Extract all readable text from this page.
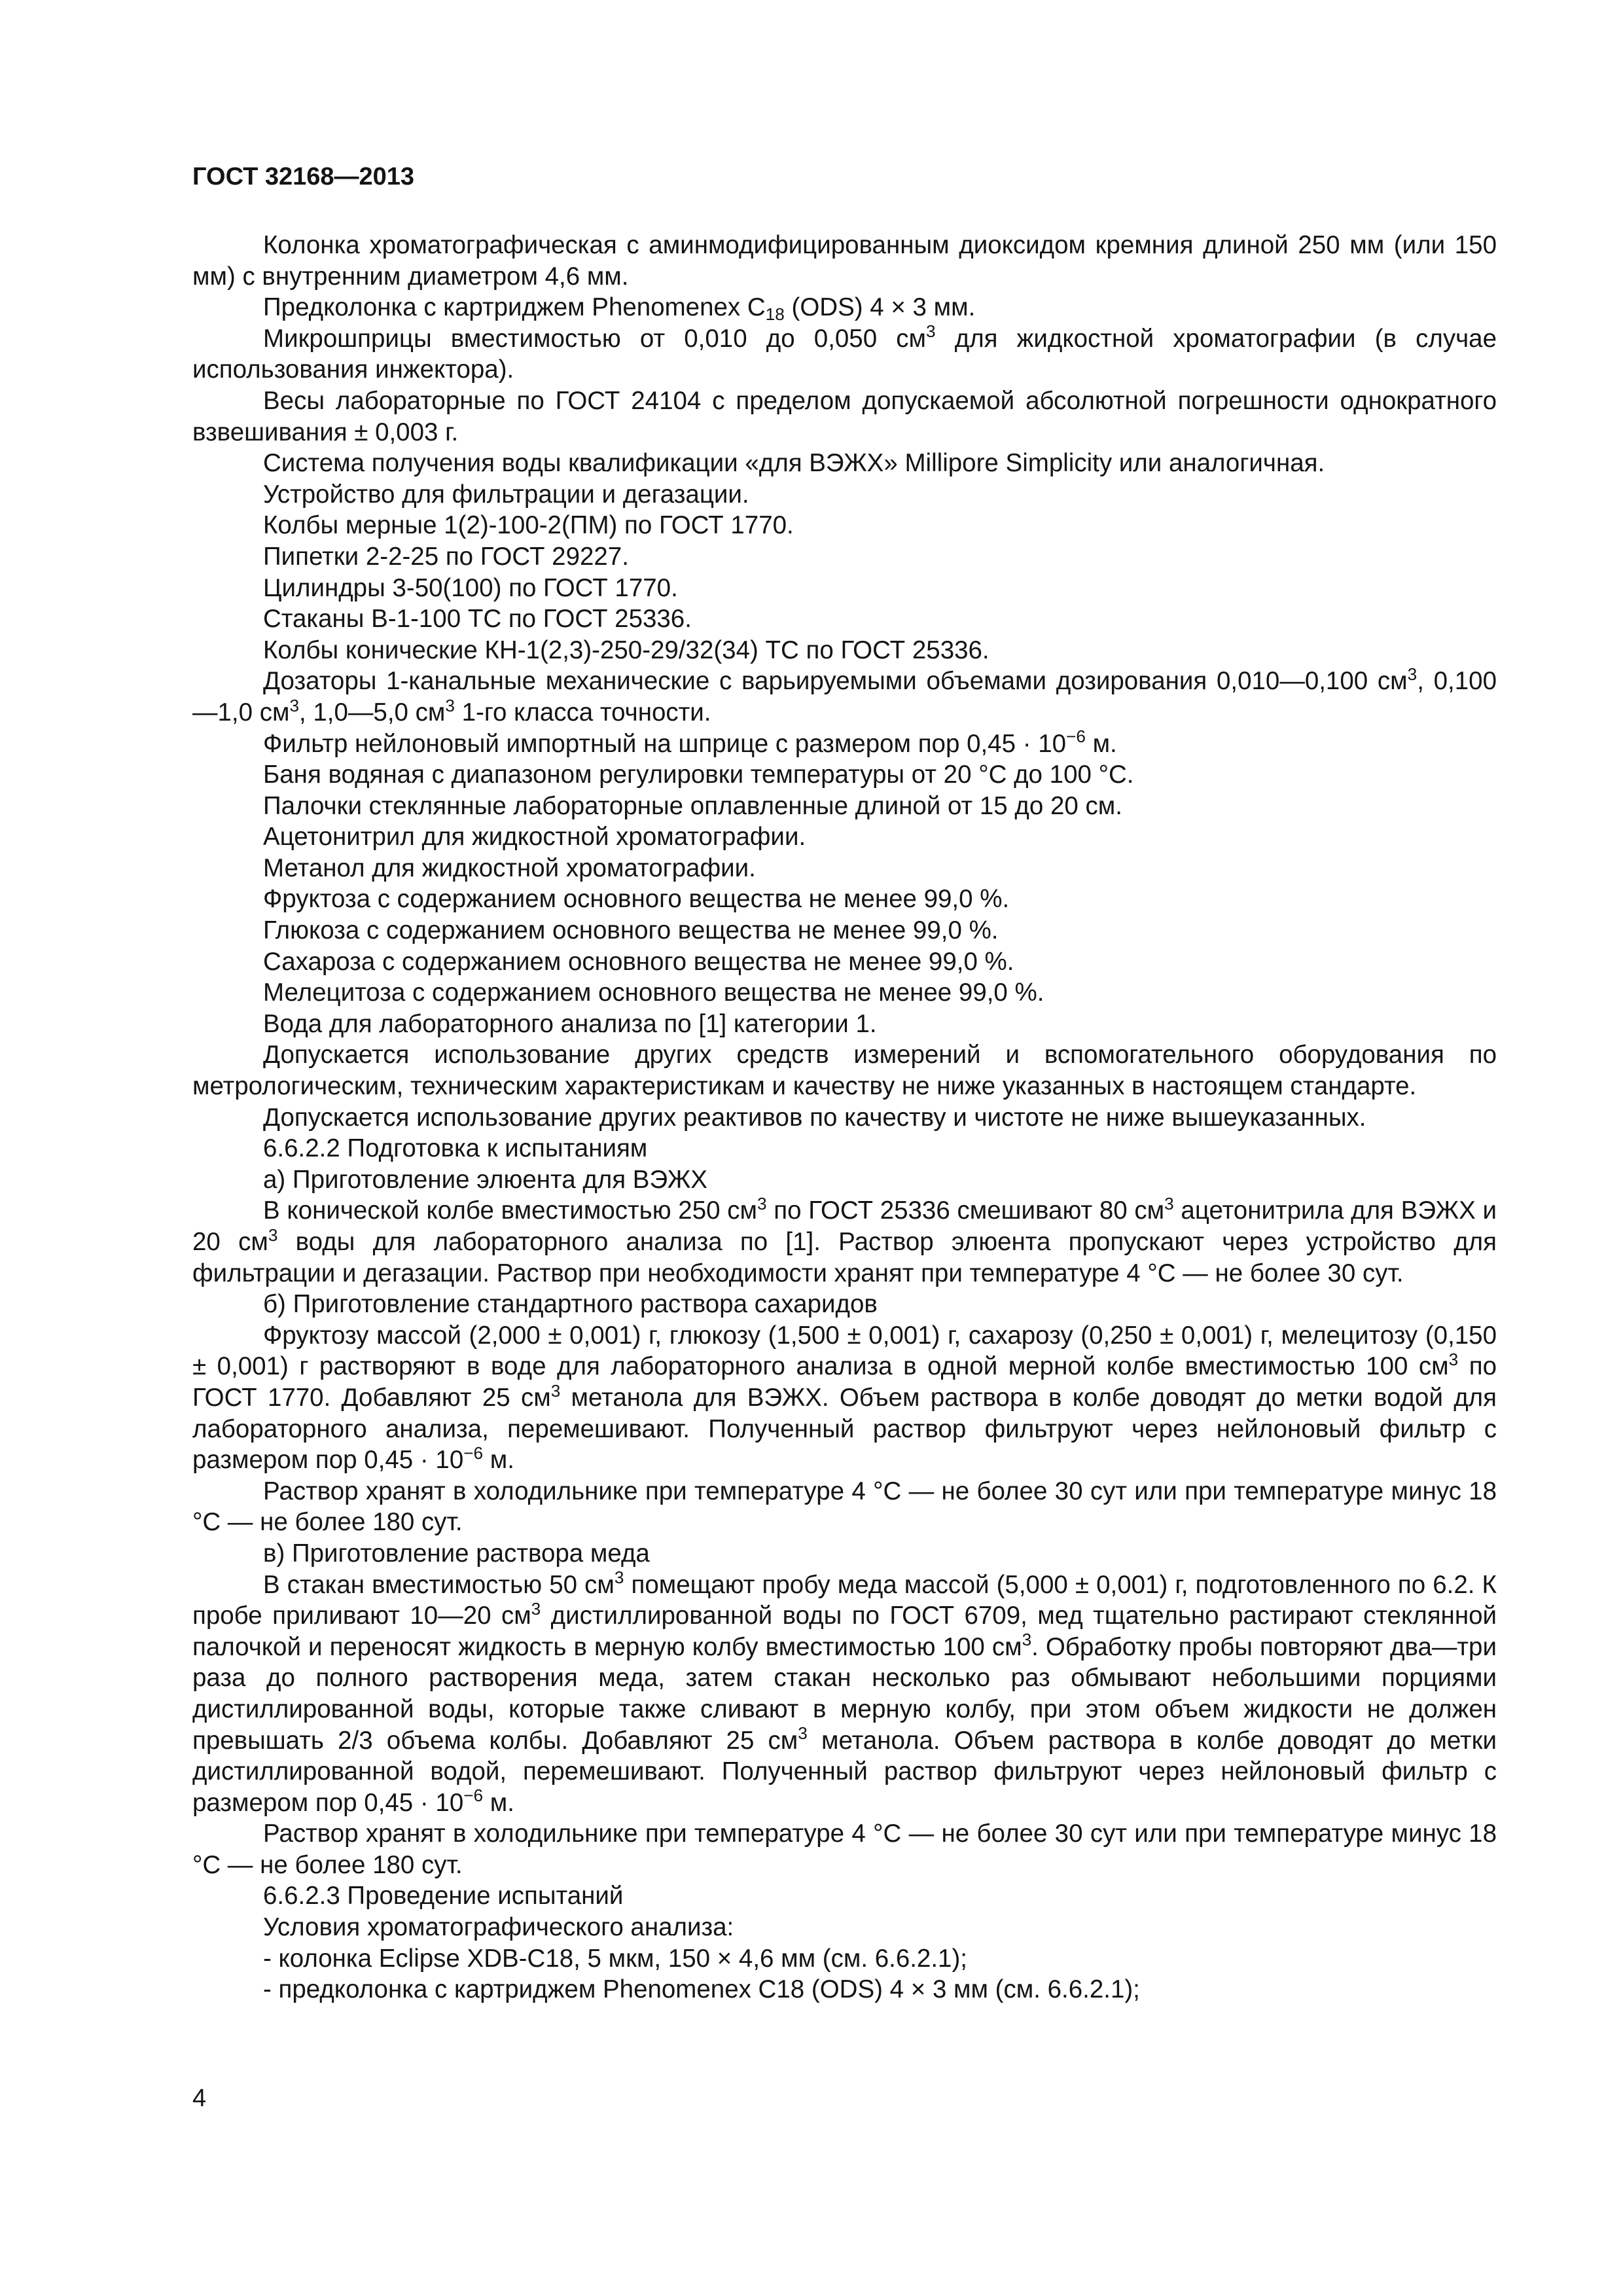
ГОСТ 32168—2013

Колонка хроматографическая с аминмодифицированным диоксидом кремния длиной 250 мм (или 150 мм) с внутренним диаметром 4,6 мм.

Предколонка с картриджем Phenomenex $C_{18}$ (ODS) 4 × 3 мм.

Микрошприцы вместимостью от 0,010 до 0,050 $см^3$ для жидкостной хроматографии (в случае использования инжектора).

Весы лабораторные по ГОСТ 24104 с пределом допускаемой абсолютной погрешности однократного взвешивания ± 0,003 г.

Система получения воды квалификации «для ВЭЖХ» Millipore Simplicity или аналогичная.

Устройство для фильтрации и дегазации.

Колбы мерные 1(2)-100-2(ПМ) по ГОСТ 1770.

Пипетки 2-2-25 по ГОСТ 29227.

Цилиндры 3-50(100) по ГОСТ 1770.

Стаканы В-1-100 ТС по ГОСТ 25336.

Колбы конические КН-1(2,3)-250-29/32(34) ТС по ГОСТ 25336.

Дозаторы 1-канальные механические с варьируемыми объемами дозирования 0,010—0,100 $см^3$, 0,100—1,0 $см^3$, 1,0—5,0 $см^3$ 1-го класса точности.

Фильтр нейлоновый импортный на шприце с размером пор $0,45 \cdot 10^{-6}$ м.

Баня водяная с диапазоном регулировки температуры от 20 °С до 100 °С.

Палочки стеклянные лабораторные оплавленные длиной от 15 до 20 см.

Ацетонитрил для жидкостной хроматографии.

Метанол для жидкостной хроматографии.

Фруктоза с содержанием основного вещества не менее 99,0 %.

Глюкоза с содержанием основного вещества не менее 99,0 %.

Сахароза с содержанием основного вещества не менее 99,0 %.

Мелецитоза с содержанием основного вещества не менее 99,0 %.

Вода для лабораторного анализа по [1] категории 1.

Допускается использование других средств измерений и вспомогательного оборудования по метрологическим, техническим характеристикам и качеству не ниже указанных в настоящем стандарте.

Допускается использование других реактивов по качеству и чистоте не ниже вышеуказанных.

6.6.2.2 Подготовка к испытаниям

а) Приготовление элюента для ВЭЖХ

В конической колбе вместимостью 250 $см^3$ по ГОСТ 25336 смешивают 80 $см^3$ ацетонитрила для ВЭЖХ и 20 $см^3$ воды для лабораторного анализа по [1]. Раствор элюента пропускают через устройство для фильтрации и дегазации. Раствор при необходимости хранят при температуре 4 °С — не более 30 сут.

б) Приготовление стандартного раствора сахаридов

Фруктозу массой (2,000 ± 0,001) г, глюкозу (1,500 ± 0,001) г, сахарозу (0,250 ± 0,001) г, мелецитозу (0,150 ± 0,001) г растворяют в воде для лабораторного анализа в одной мерной колбе вместимостью 100 $см^3$ по ГОСТ 1770. Добавляют 25 $см^3$ метанола для ВЭЖХ. Объем раствора в колбе доводят до метки водой для лабораторного анализа, перемешивают. Полученный раствор фильтруют через нейлоновый фильтр с размером пор $0,45 \cdot 10^{-6}$ м.

Раствор хранят в холодильнике при температуре 4 °С — не более 30 сут или при температуре минус 18 °С — не более 180 сут.

в) Приготовление раствора меда

В стакан вместимостью 50 $см^3$ помещают пробу меда массой (5,000 ± 0,001) г, подготовленного по 6.2. К пробе приливают 10—20 $см^3$ дистиллированной воды по ГОСТ 6709, мед тщательно растирают стеклянной палочкой и переносят жидкость в мерную колбу вместимостью 100 $см^3$. Обработку пробы повторяют два—три раза до полного растворения меда, затем стакан несколько раз обмывают небольшими порциями дистиллированной воды, которые также сливают в мерную колбу, при этом объем жидкости не должен превышать 2/3 объема колбы. Добавляют 25 $см^3$ метанола. Объем раствора в колбе доводят до метки дистиллированной водой, перемешивают. Полученный раствор фильтруют через нейлоновый фильтр с размером пор $0,45 \cdot 10^{-6}$ м.

Раствор хранят в холодильнике при температуре 4 °С — не более 30 сут или при температуре минус 18 °С — не более 180 сут.

6.6.2.3 Проведение испытаний

Условия хроматографического анализа:

- колонка Eclipse XDB-C18, 5 мкм, 150 × 4,6 мм (см. 6.6.2.1);

- предколонка с картриджем Phenomenex C18 (ODS) 4 × 3 мм (см. 6.6.2.1);

4
